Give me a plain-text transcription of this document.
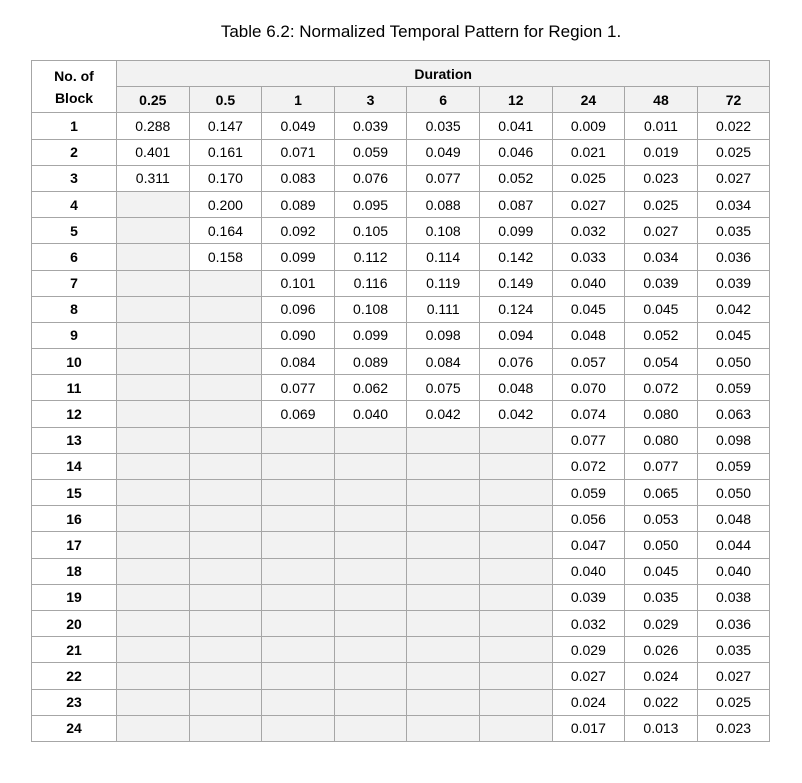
Table 6.2: Normalized Temporal Pattern for Region 1.
No. of
Block	Duration								
	0.25	0.5	1	3	6	12	24	48	72
1	0.288	0.147	0.049	0.039	0.035	0.041	0.009	0.011	0.022
2	0.401	0.161	0.071	0.059	0.049	0.046	0.021	0.019	0.025
3	0.311	0.170	0.083	0.076	0.077	0.052	0.025	0.023	0.027
4		0.200	0.089	0.095	0.088	0.087	0.027	0.025	0.034
5		0.164	0.092	0.105	0.108	0.099	0.032	0.027	0.035
6		0.158	0.099	0.112	0.114	0.142	0.033	0.034	0.036
7			0.101	0.116	0.119	0.149	0.040	0.039	0.039
8			0.096	0.108	0.111	0.124	0.045	0.045	0.042
9			0.090	0.099	0.098	0.094	0.048	0.052	0.045
10			0.084	0.089	0.084	0.076	0.057	0.054	0.050
11			0.077	0.062	0.075	0.048	0.070	0.072	0.059
12			0.069	0.040	0.042	0.042	0.074	0.080	0.063
13							0.077	0.080	0.098
14							0.072	0.077	0.059
15							0.059	0.065	0.050
16							0.056	0.053	0.048
17							0.047	0.050	0.044
18							0.040	0.045	0.040
19							0.039	0.035	0.038
20							0.032	0.029	0.036
21							0.029	0.026	0.035
22							0.027	0.024	0.027
23							0.024	0.022	0.025
24							0.017	0.013	0.023
